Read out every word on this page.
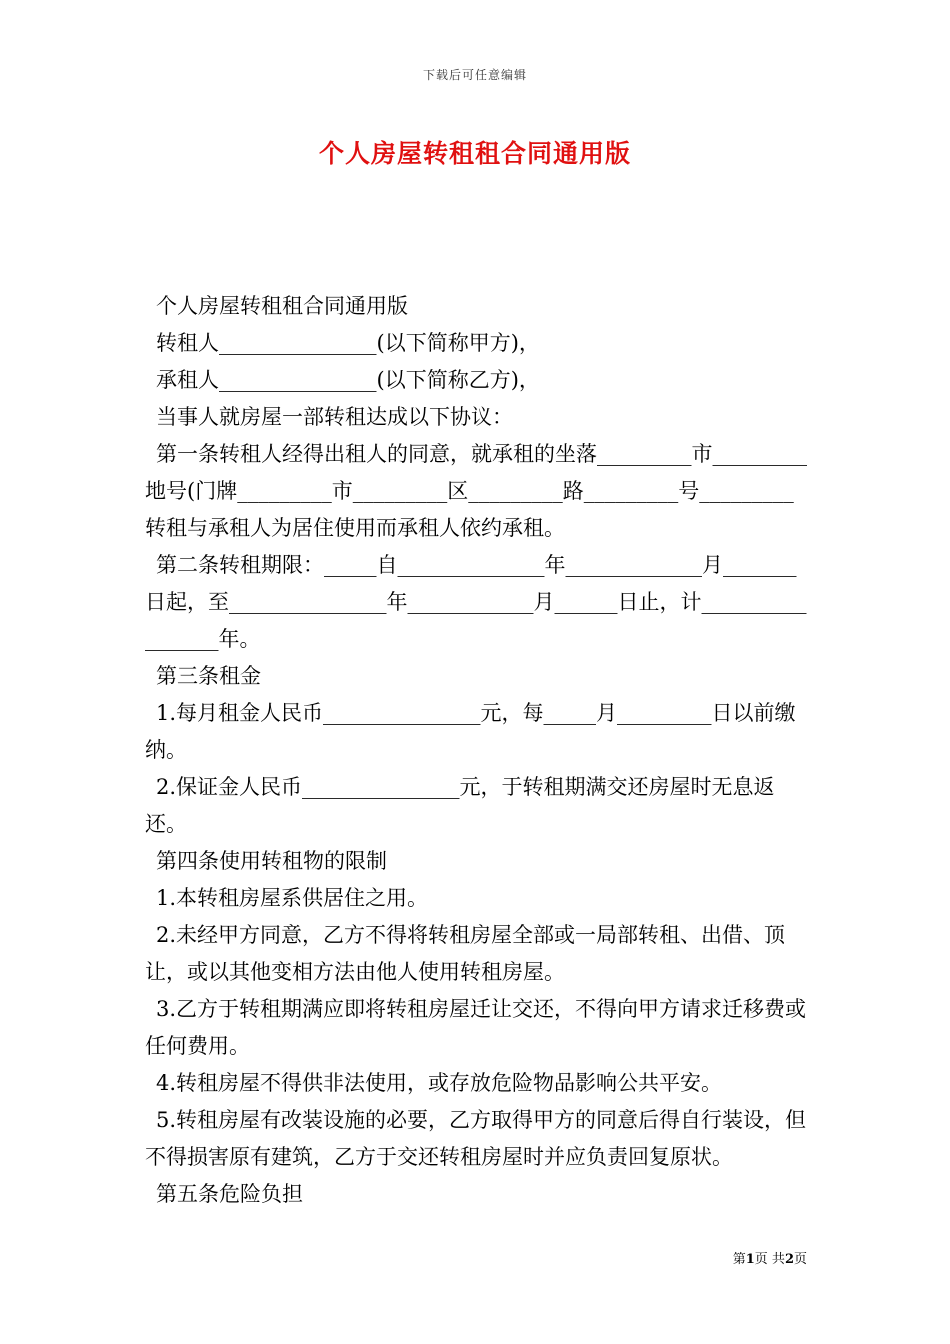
下载后可任意编辑
个人房屋转租租合同通用版

个人房屋转租租合同通用版

转租人_______________(以下简称甲方)，

承租人_______________(以下简称乙方)，

当事人就房屋一部转租达成以下协议：

第一条转租人经得出租人的同意，就承租的坐落_________市_________地号(门牌_________市_________区_________路_________号_________转租与承租人为居住使用而承租人依约承租。

第二条转租期限：_____自______________年_____________月_______日起，至_______________年____________月______日止，计_________________年。

第三条租金

1.每月租金人民币_______________元，每_____月_________日以前缴纳。

2.保证金人民币_______________元，于转租期满交还房屋时无息返还。

第四条使用转租物的限制

1.本转租房屋系供居住之用。

2.未经甲方同意，乙方不得将转租房屋全部或一局部转租、出借、顶让，或以其他变相方法由他人使用转租房屋。

3.乙方于转租期满应即将转租房屋迁让交还，不得向甲方请求迁移费或任何费用。

4.转租房屋不得供非法使用，或存放危险物品影响公共平安。

5.转租房屋有改装设施的必要，乙方取得甲方的同意后得自行装设，但不得损害原有建筑，乙方于交还转租房屋时并应负责回复原状。

第五条危险负担

第1页 共2页
